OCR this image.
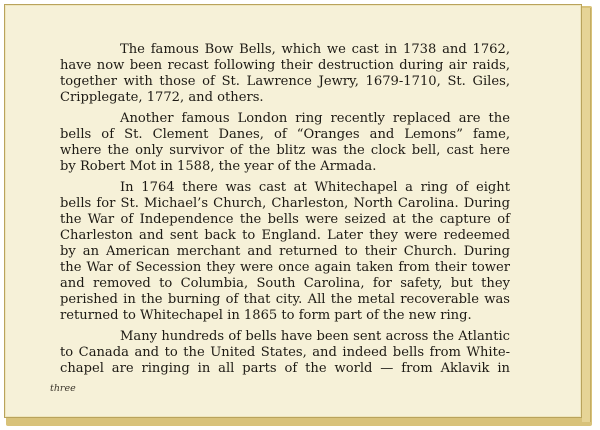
The famous Bow Bells, which we cast in 1738 and 1762,
have now been recast following their destruction during air raids,
together with those of St. Lawrence Jewry, 1679-1710, St. Giles,
Cripplegate, 1772, and others.

Another famous London ring recently replaced are the
bells of St. Clement Danes, of “Oranges and Lemons” fame,
where the only survivor of the blitz was the clock bell, cast here
by Robert Mot in 1588, the year of the Armada.

In 1764 there was cast at Whitechapel a ring of eight
bells for St. Michael’s Church, Charleston, North Carolina. During
the War of Independence the bells were seized at the capture of
Charleston and sent back to England. Later they were redeemed
by an American merchant and returned to their Church. During
the War of Secession they were once again taken from their tower
and removed to Columbia, South Carolina, for safety, but they
perished in the burning of that city. All the metal recoverable was
returned to Whitechapel in 1865 to form part of the new ring.

Many hundreds of bells have been sent across the Atlantic
to Canada and to the United States, and indeed bells from White-
chapel are ringing in all parts of the world — from Aklavik in

three
